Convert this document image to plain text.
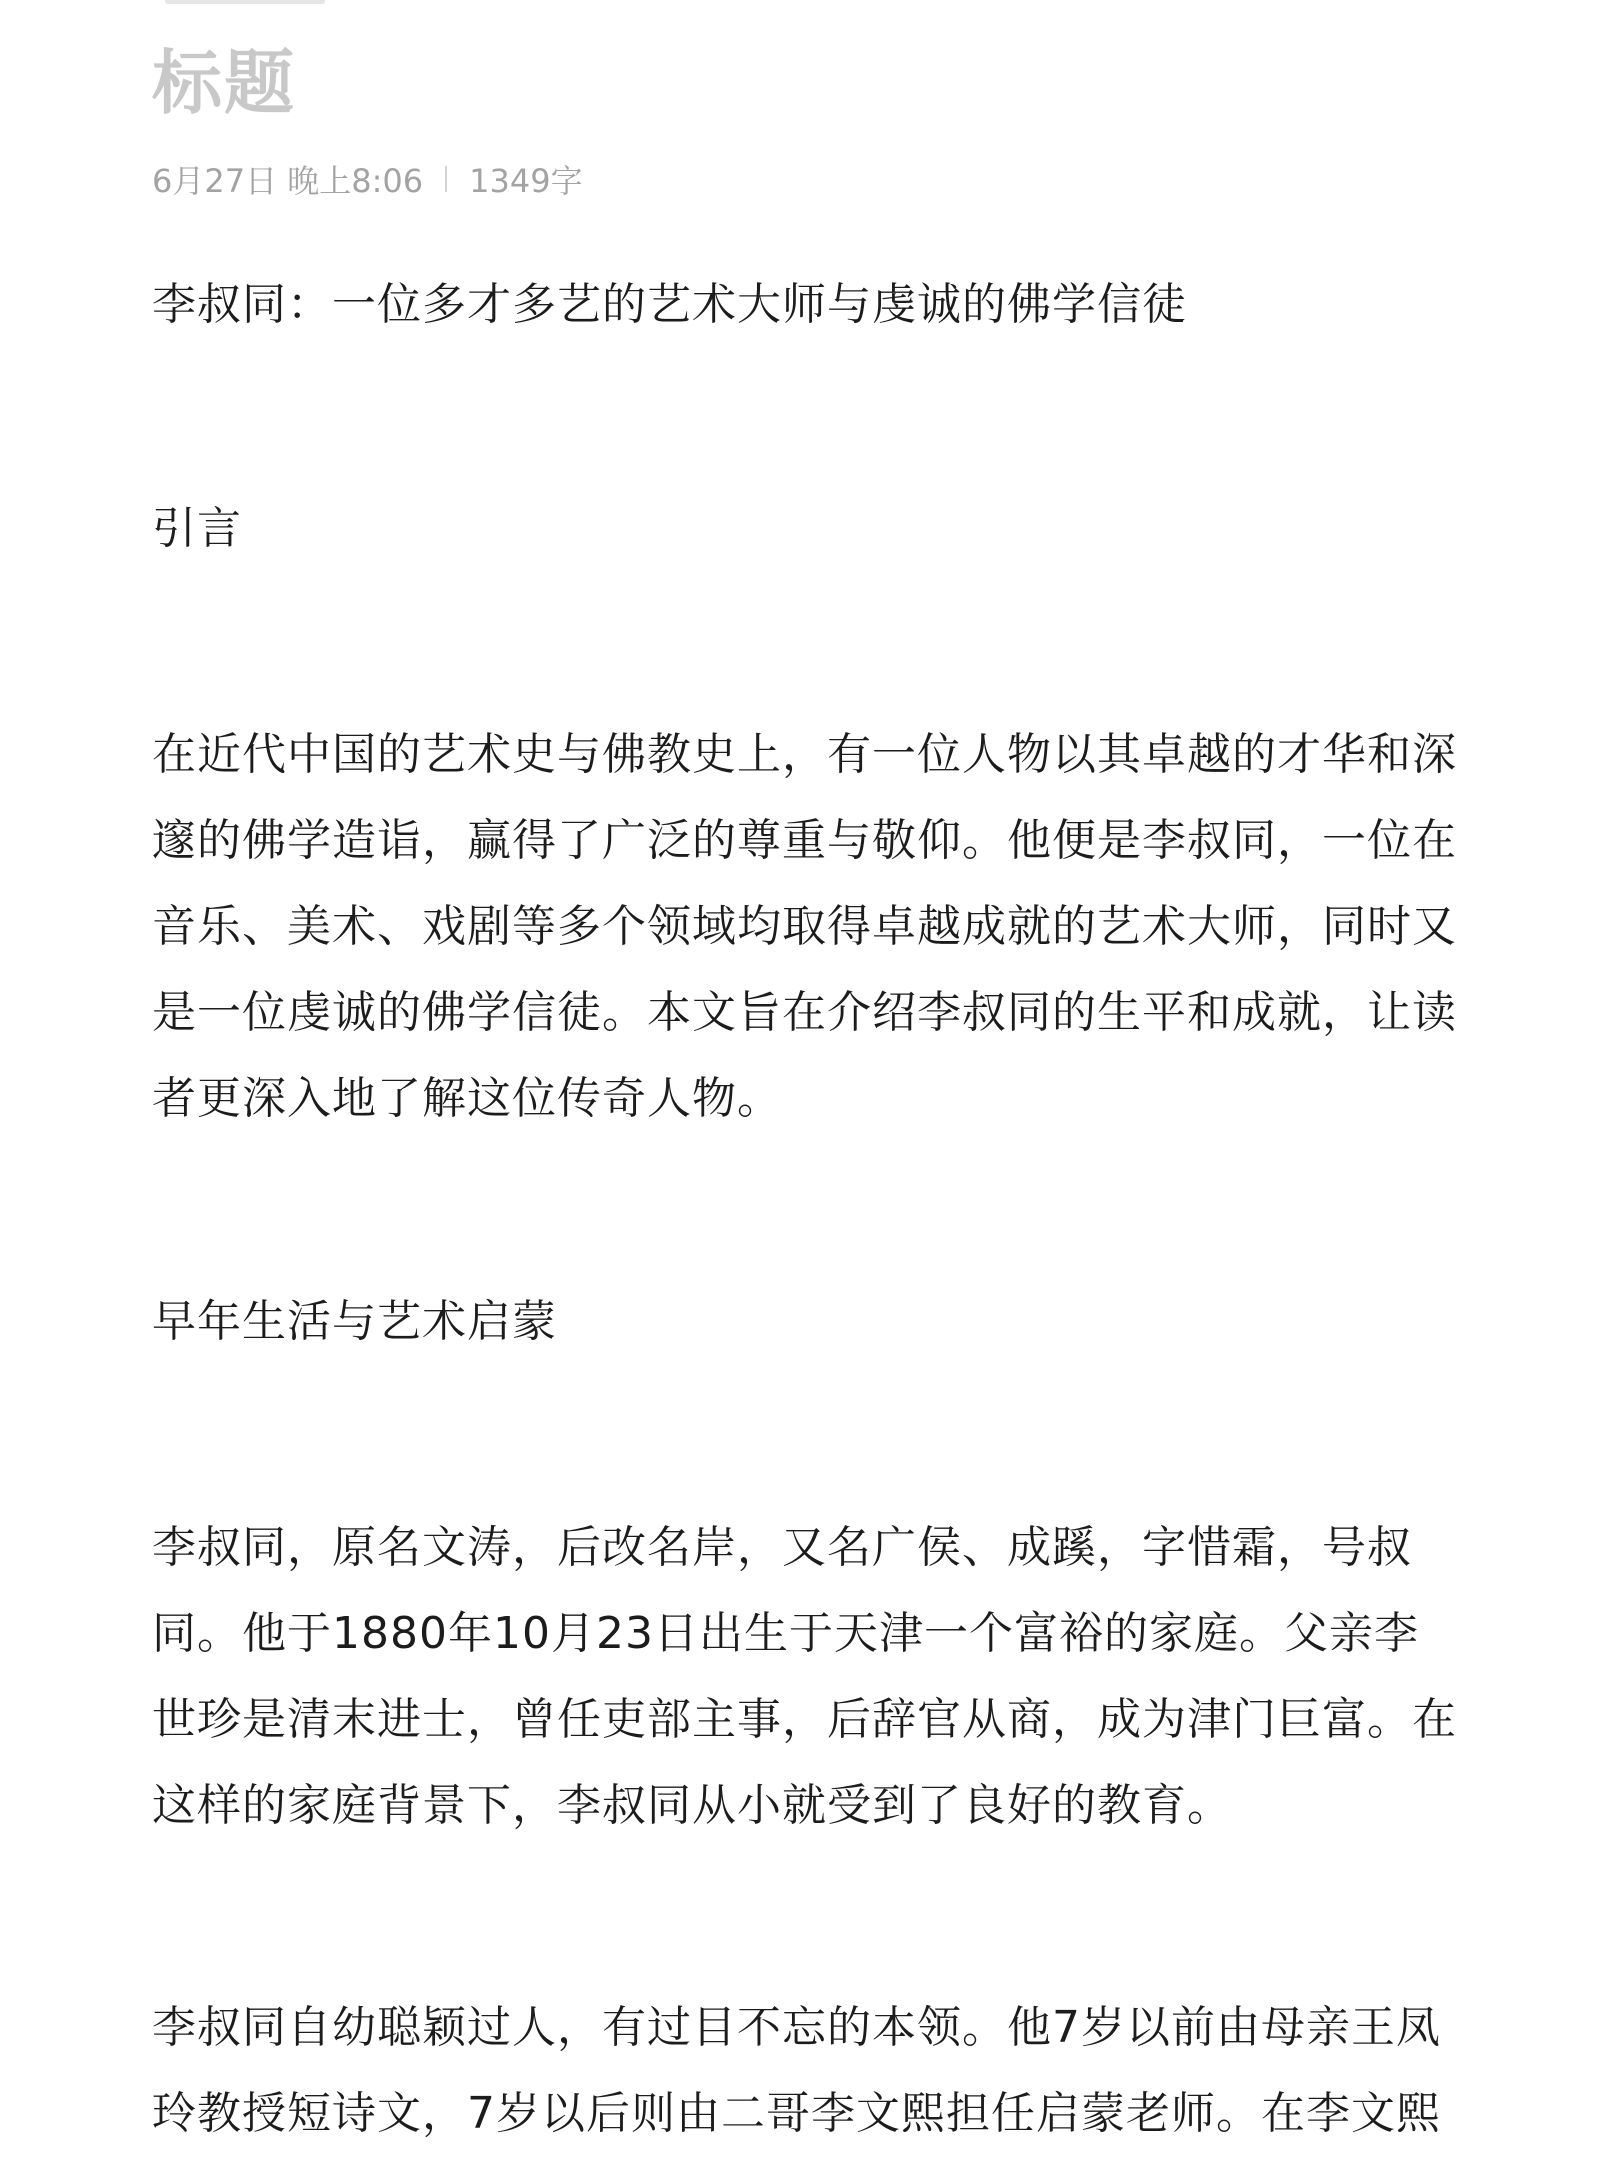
标题
6月27日 晚上8:06 1349字

李叔同：一位多才多艺的艺术大师与虔诚的佛学信徒

引言

在近代中国的艺术史与佛教史上，有一位人物以其卓越的才华和深邃的佛学造诣，赢得了广泛的尊重与敬仰。他便是李叔同，一位在音乐、美术、戏剧等多个领域均取得卓越成就的艺术大师，同时又是一位虔诚的佛学信徒。本文旨在介绍李叔同的生平和成就，让读者更深入地了解这位传奇人物。

早年生活与艺术启蒙

李叔同，原名文涛，后改名岸，又名广侯、成蹊，字惜霜，号叔同。他于1880年10月23日出生于天津一个富裕的家庭。父亲李世珍是清末进士，曾任吏部主事，后辞官从商，成为津门巨富。在这样的家庭背景下，李叔同从小就受到了良好的教育。

李叔同自幼聪颖过人，有过目不忘的本领。他7岁以前由母亲王凤玲教授短诗文，7岁以后则由二哥李文熙担任启蒙老师。在李文熙
